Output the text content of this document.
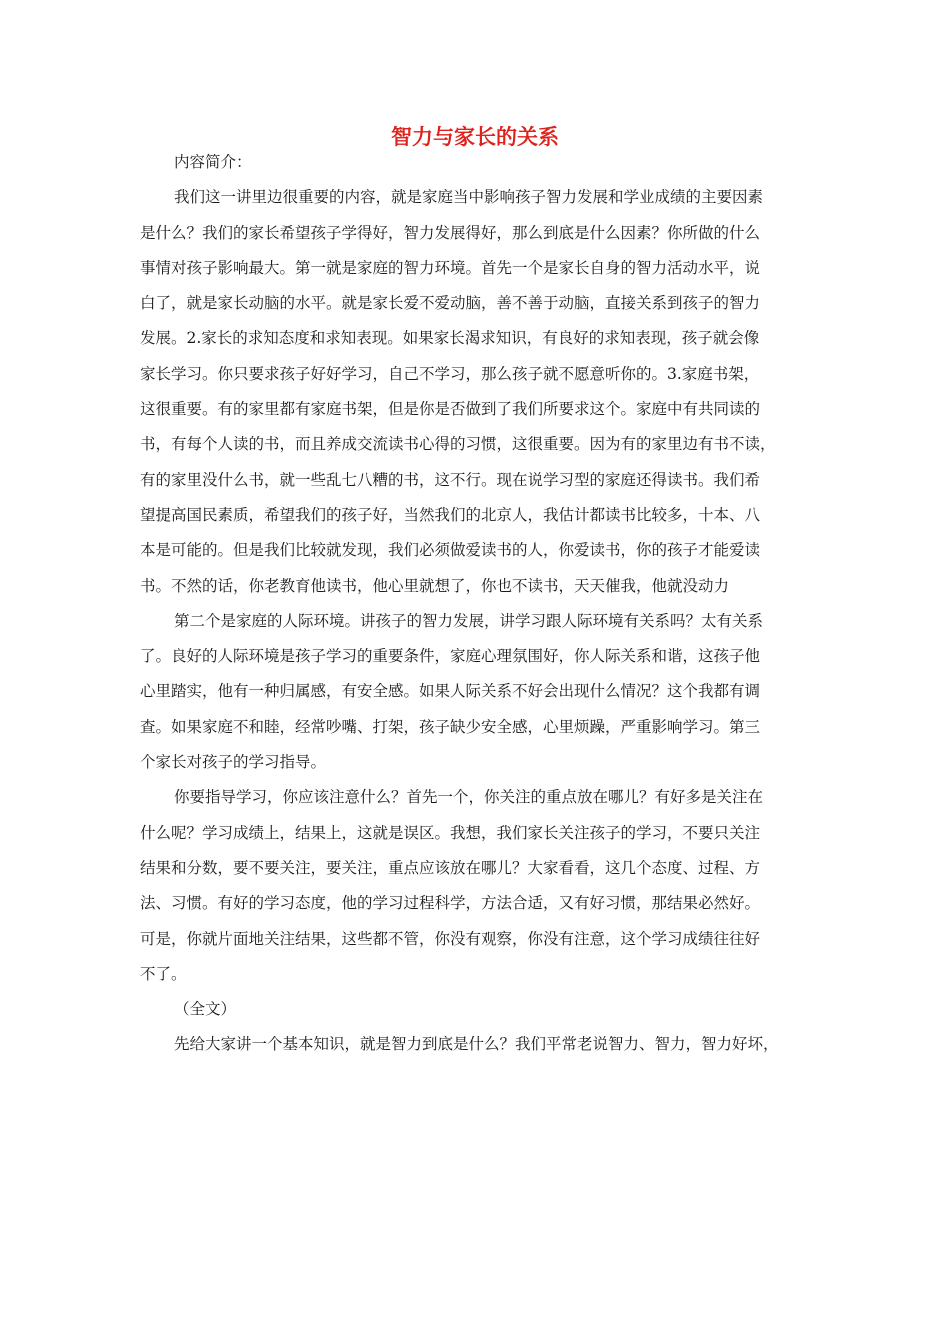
智力与家长的关系
内容简介：
我们这一讲里边很重要的内容，就是家庭当中影响孩子智力发展和学业成绩的主要因素
是什么？我们的家长希望孩子学得好，智力发展得好，那么到底是什么因素？你所做的什么
事情对孩子影响最大。第一就是家庭的智力环境。首先一个是家长自身的智力活动水平，说
白了，就是家长动脑的水平。就是家长爱不爱动脑，善不善于动脑，直接关系到孩子的智力
发展。2.家长的求知态度和求知表现。如果家长渴求知识，有良好的求知表现，孩子就会像
家长学习。你只要求孩子好好学习，自己不学习，那么孩子就不愿意听你的。3.家庭书架，
这很重要。有的家里都有家庭书架，但是你是否做到了我们所要求这个。家庭中有共同读的
书，有每个人读的书，而且养成交流读书心得的习惯，这很重要。因为有的家里边有书不读，
有的家里没什么书，就一些乱七八糟的书，这不行。现在说学习型的家庭还得读书。我们希
望提高国民素质，希望我们的孩子好，当然我们的北京人，我估计都读书比较多，十本、八
本是可能的。但是我们比较就发现，我们必须做爱读书的人，你爱读书，你的孩子才能爱读
书。不然的话，你老教育他读书，他心里就想了，你也不读书，天天催我，他就没动力
第二个是家庭的人际环境。讲孩子的智力发展，讲学习跟人际环境有关系吗？太有关系
了。良好的人际环境是孩子学习的重要条件，家庭心理氛围好，你人际关系和谐，这孩子他
心里踏实，他有一种归属感，有安全感。如果人际关系不好会出现什么情况？这个我都有调
查。如果家庭不和睦，经常吵嘴、打架，孩子缺少安全感，心里烦躁，严重影响学习。第三
个家长对孩子的学习指导。
你要指导学习，你应该注意什么？首先一个，你关注的重点放在哪儿？有好多是关注在
什么呢？学习成绩上，结果上，这就是误区。我想，我们家长关注孩子的学习，不要只关注
结果和分数，要不要关注，要关注，重点应该放在哪儿？大家看看，这几个态度、过程、方
法、习惯。有好的学习态度，他的学习过程科学，方法合适，又有好习惯，那结果必然好。
可是，你就片面地关注结果，这些都不管，你没有观察，你没有注意，这个学习成绩往往好
不了。
（全文）
先给大家讲一个基本知识，就是智力到底是什么？我们平常老说智力、智力，智力好坏，
